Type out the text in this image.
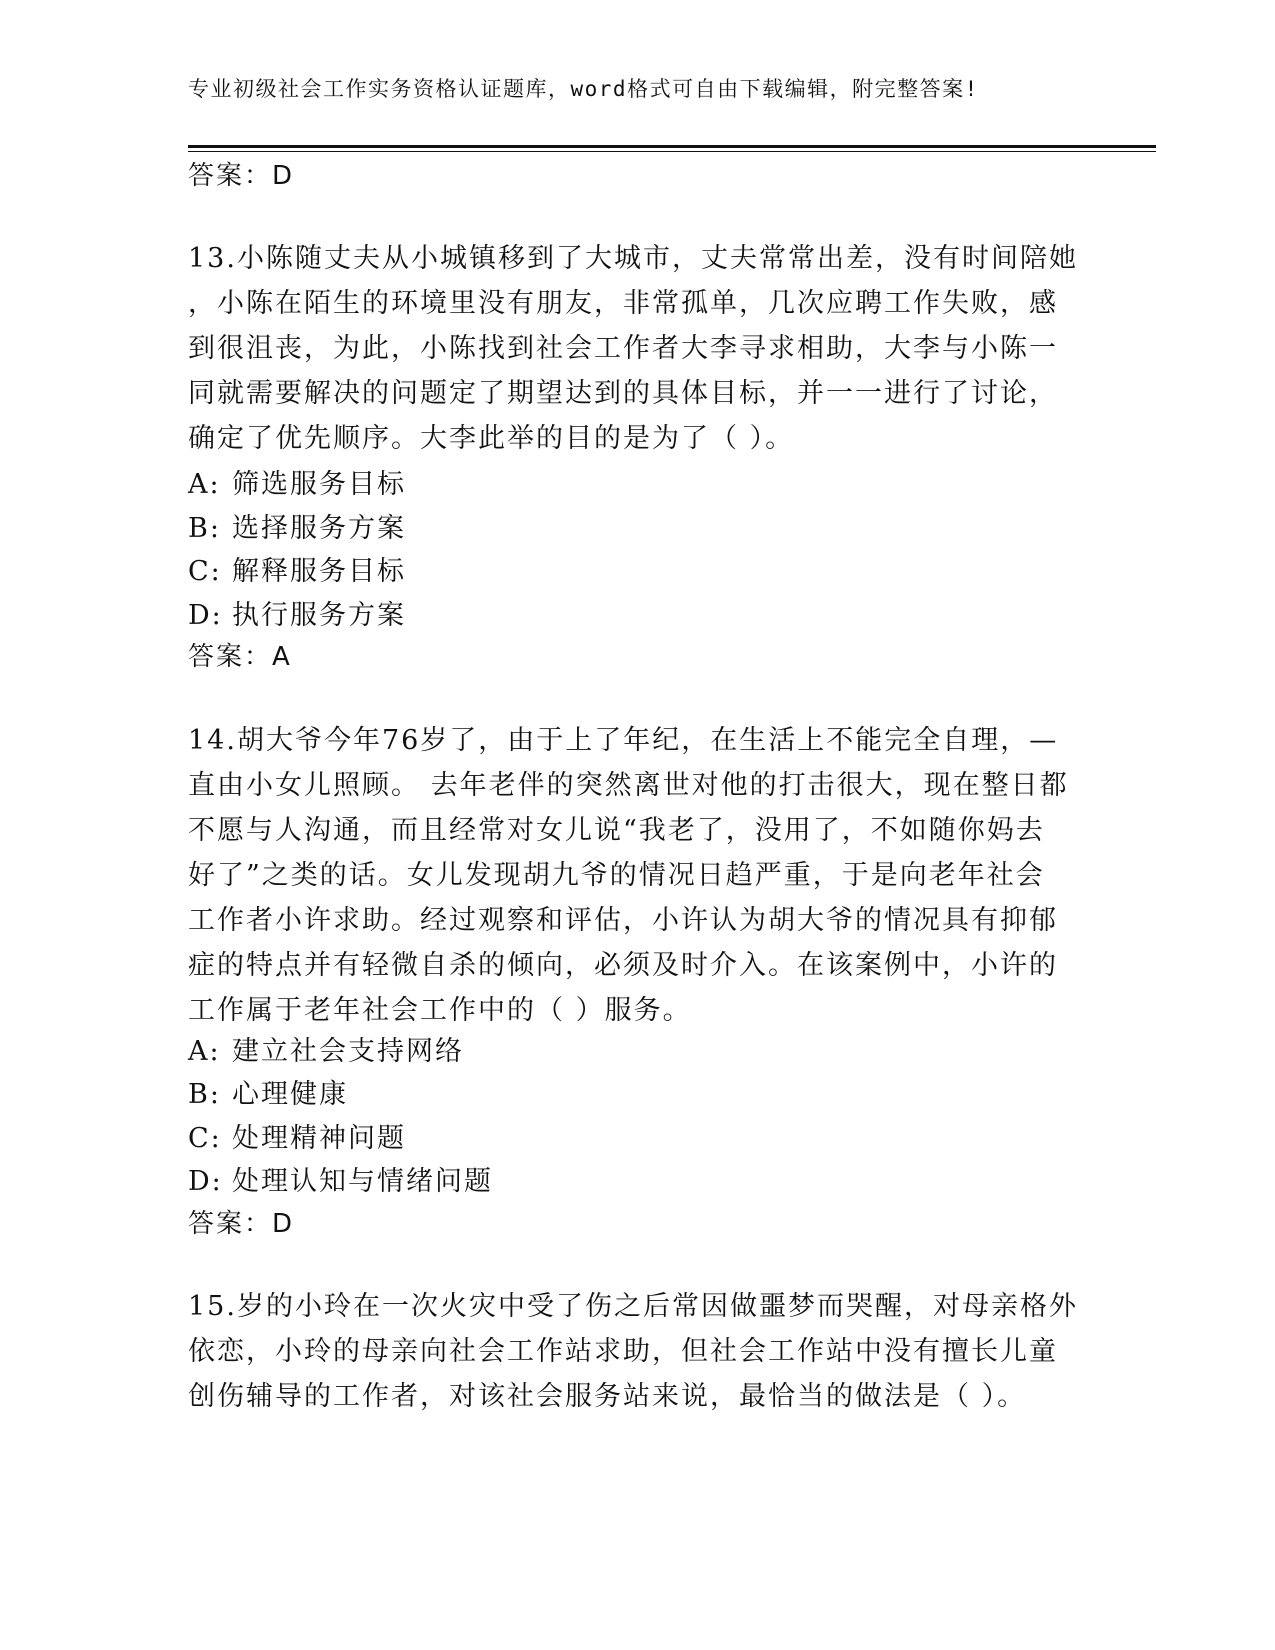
专业初级社会工作实务资格认证题库，word格式可自由下载编辑，附完整答案!
答案：D
13.小陈随丈夫从小城镇移到了大城市，丈夫常常出差，没有时间陪她
，小陈在陌生的环境里没有朋友，非常孤单，几次应聘工作失败，感
到很沮丧，为此，小陈找到社会工作者大李寻求相助，大李与小陈一
同就需要解决的问题定了期望达到的具体目标，并一一进行了讨论，
确定了优先顺序。大李此举的目的是为了（ ）。
A: 筛选服务目标
B: 选择服务方案
C: 解释服务目标
D: 执行服务方案
答案：A
14.胡大爷今年76岁了，由于上了年纪，在生活上不能完全自理，—
直由小女儿照顾。 去年老伴的突然离世对他的打击很大，现在整日都
不愿与人沟通，而且经常对女儿说“我老了，没用了，不如随你妈去
好了”之类的话。女儿发现胡九爷的情况日趋严重，于是向老年社会
工作者小许求助。经过观察和评估，小许认为胡大爷的情况具有抑郁
症的特点并有轻微自杀的倾向，必须及时介入。在该案例中，小许的
工作属于老年社会工作中的（ ）服务。
A: 建立社会支持网络
B: 心理健康
C: 处理精神问题
D: 处理认知与情绪问题
答案：D
15.岁的小玲在一次火灾中受了伤之后常因做噩梦而哭醒，对母亲格外
依恋，小玲的母亲向社会工作站求助，但社会工作站中没有擅长儿童
创伤辅导的工作者，对该社会服务站来说，最恰当的做法是（ ）。
